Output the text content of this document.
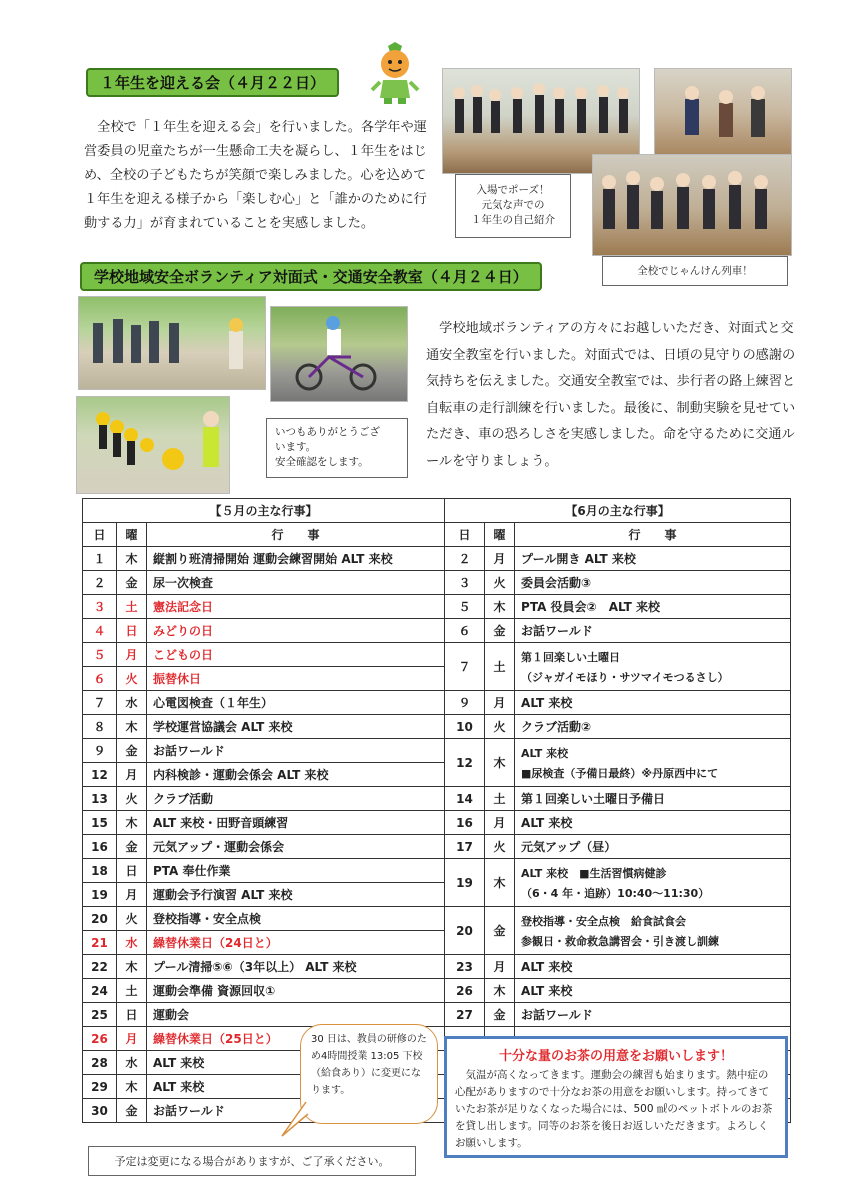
１年生を迎える会（４月２２日）
　全校で「１年生を迎える会」を行いました。各学年や運営委員の児童たちが一生懸命工夫を凝らし、１年生をはじめ、全校の子どもたちが笑顔で楽しみました。心を込めて１年生を迎える様子から「楽しむ心」と「誰かのために行動する力」が育まれていることを実感しました。
入場でポーズ！
元気な声での
１年生の自己紹介
全校でじゃんけん列車！
学校地域安全ボランティア対面式・交通安全教室（４月２４日）
いつもありがとうござ
います。
安全確認をします。
　学校地域ボランティアの方々にお越しいただき、対面式と交通安全教室を行いました。対面式では、日頃の見守りの感謝の気持ちを伝えました。交通安全教室では、歩行者の路上練習と自転車の走行訓練を行いました。最後に、制動実験を見せていただき、車の恐ろしさを実感しました。命を守るために交通ルールを守りましょう。
【５月の主な行事】			【6月の主な行事】		
日	曜	行　　事	日	曜	行　　事
１	木	縦割り班清掃開始 運動会練習開始 ALT 来校	２	月	プール開き ALT 来校

２	金	尿一次検査	３	火	委員会活動③

３	土	憲法記念日	５	木	PTA 役員会②　ALT 来校

４	日	みどりの日	６	金	お話ワールド

５	月	こどもの日	７	土	第１回楽しい土曜日
（ジャガイモほり・サツマイモつるさし）

６	火	振替休日			
７	水	心電図検査（１年生）	９	月	ALT 来校

８	木	学校運営協議会 ALT 来校	10	火	クラブ活動②

９	金	お話ワールド	12	木	ALT 来校
■尿検査（予備日最終）※丹原西中にて

12	月	内科検診・運動会係会 ALT 来校			
13	火	クラブ活動	14	土	第１回楽しい土曜日予備日

15	木	ALT 来校・田野音頭練習	16	月	ALT 来校

16	金	元気アップ・運動会係会	17	火	元気アップ（昼）

18	日	PTA 奉仕作業	19	木	ALT 来校　■生活習慣病健診
（6・4 年・追跡）10:40～11:30）

19	月	運動会予行演習 ALT 来校			
20	火	登校指導・安全点検	20	金	登校指導・安全点検　給食試食会
参観日・救命救急講習会・引き渡し訓練

21	水	繰替休業日（24日と）			
22	木	プール清掃⑤⑥（3年以上） ALT 来校	23	月	ALT 来校

24	土	運動会準備 資源回収①	26	木	ALT 来校

25	日	運動会	27	金	お話ワールド

26	月	繰替休業日（25日と）			
28	水	ALT 来校			
29	木	ALT 来校			
30	金	お話ワールド			
30 日は、教員の研修のため4時間授業 13:05 下校（給食あり）に変更になります。
十分な量のお茶の用意をお願いします！
　気温が高くなってきます。運動会の練習も始まります。熱中症の心配がありますので十分なお茶の用意をお願いします。持ってきていたお茶が足りなくなった場合には、500 ㎖のペットボトルのお茶を貸し出します。同等のお茶を後日お返しいただきます。よろしくお願いします。
予定は変更になる場合がありますが、ご了承ください。
